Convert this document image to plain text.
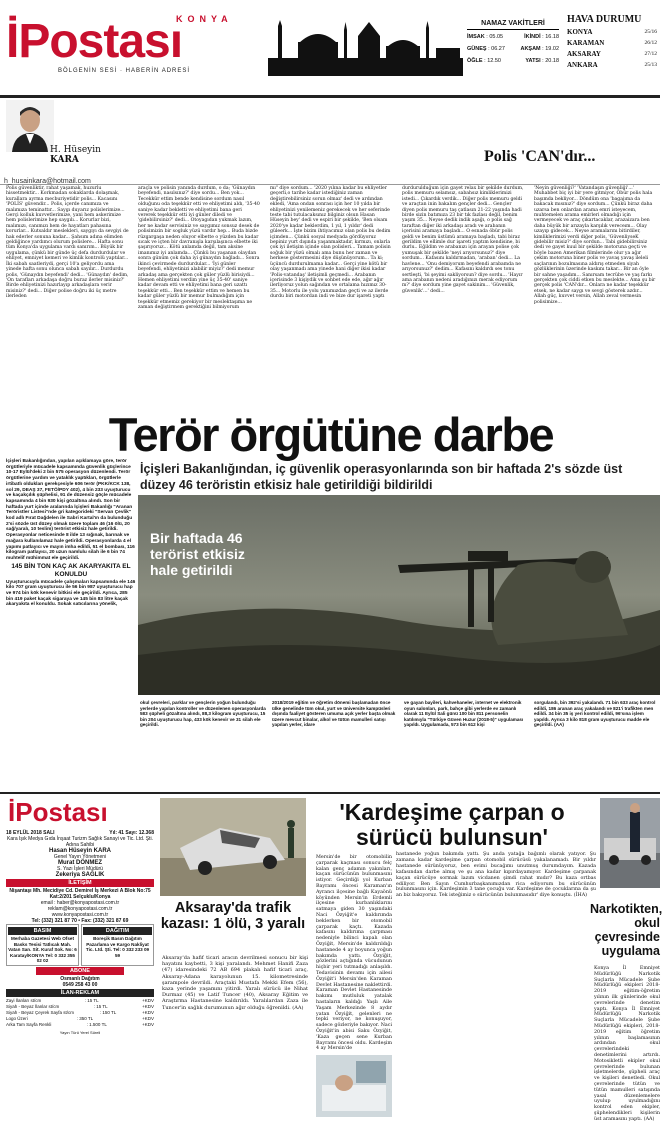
KONYA
İPostası
BÖLGENİN SESİ · HABERİN ADRESİ
NAMAZ VAKİTLERİ
İMSAK : 05.05	İKİNDİ : 16.18
GÜNEŞ : 06.27	AKŞAM : 19.02
ÖĞLE : 12.50	YATSI : 20.18
HAVA DURUMU
KONYA	25/16
KARAMAN	26/12
AKSARAY	27/12
ANKARA	25/13
H. Hüseyin
KARA
h_husainkara@hotmail.com
Polis 'CAN'dır...
Polis güvenliktir, rahat yaşamak, huzurlu hissetmektir... Korkmadan sokaklarda dolaşmak, kurallara ayrma mecburiyetidir polis... Kacasını 'POLİS' güvendir... Polis, içerde canımıza ve malımıza teminattır... Saygı duyarız polislerimize... Gerçi kolluk kuvvetlerimize, yani hem askerimize hem polislerimize hep saygılı... Korurlar bizi, malımızı, canımızı hem de hayatları pahasına korurlar... Kutsaldır meslekleri, saygıyı da sevgiyi de hak ederler sonuna kadar... Şahsım adına elimden geldiğince yardımcı olurum polislere... Hafta sonu tüm Konya'da uygulama vardı sanırım... Büyük bir uygulama, çünkü bir günde üç defa durdurdular ve ehliyet, emniyet kemeri ve kimlik kontrolü yaptılar... İki sabah saatleriydi, gerçi 10'a geliyordu ama yinede hafta sonu olunca sabah sayılır... Durdurdu polis, 'Günaydın beyefendi' dedi... 'Günaydın' dedim, 'On tarafları arkadaşa doğru buraz ilerler misiniz?' Birde ehliyetinizi hazırlayıp arkadaşlara verir misiniz?' dedi... Diğer polise doğru iki üç metre ilerleden
araçla ve polisin yanında durdum, o da; 'Günaydın beyefendi, nasılsınız?' diye sordu... Ben yok... Tecekkür ettim bende kendisine sordum nasıl olduğunu oda teşekkür etti ve ehliyetimi aldı, '35-40 saniye kadar bekletti ve ehliyetimi bana geri vererek teşekkür etti iyi günler diledi ve 'gidebilirsiniz?' dedi... Otoyagıdan yukmak lazım, her ne kadar servisiniz ve saygımız sonsuz desek de polisimizin bir sogluk yüzü vardır hep... Buda bizde rüzgargaşa neden oluyor elbette o yüzden bu kadar sıcak ve içten bir davranışla karşılaşınca elbette iki şaşırıyoruz... Kötü anlamda değil, tam aksine imanımız iyi anlamda... Çünkü bu yaşanan olaydan sonra günüm çok daha iyi günaydın bağladı... Sonra ikinci çevirmede durdurdular... 'İyi günler beyefendi, ehliyetinizi alabilir miyiz?' dedi memur arkadaş ama gerçekten çok güler yüzlü birisiydi... Hemen ehliyetimi verdim yine üç 35-40' saniye kadar devam etti ve ehliyetimi bana geri uzattı teşekkür etti... Ben teşekkür ettim ve hemen bu kadar güler yüzlü bir memur bulmadığım için teşekkür etmemiz gerekiyor bir meslektaşıma ne zaman değiştirmem gerektiğini bilmiyorum
mı" diye sordum... '2020 yılına kadar bu ehliyetler geçerli,o tarihe kadar istediğiniz zaman değiştirebilirsiniz sorun olmaz' dedi ve ardından ekledi, 'Ama ondan sonrası için her 10 yılda bir ehliyetinizi yenilemeniz gerekecek ve her seferinde teste tabi tutulacaksınız bilginiz olsun Hasan Hüseyin bey' dedi ve espiri bir şekilde, 'Ben olsam 2020'ye kadar beklerdim, 1 yıl, 1 yıldır' dedi güleerk... İşte bizim ihtiyacımız olan polis bu dedim içimden... Çünkü sosyal medyada gördüyoruz bepiniz yurt dışında yaşanmaktadır, kırmızı, onlarla çok iyi iletişim içinde olan polisleri... Tamam polisin soğuk bir yüzü olmalı ama bunu her zaman ve herkese göstermesini diye düşünüyorum... Ta ki; üçüncü durdurulmama kadar... Gerçi yine kötü bir olay yaşanmadı ama yinede hani diğer ikisi kadar 'Polis-vatandaş' iletişimli geçmedi... Arabanın içerisinde 3 kişiydik ve sohbet ede ede, ağır ağır ilerliyoruz yolun sağından ve ortalama hızımız 30-35... Motorlu ile yolu yanımızdan geçti ve az ilerde durdu biri motordan indi ve bize dur işareti yaptı
durdurulduğum için gayet relax bir şekilde durdum, polis memuru selamsız, sabahsız kimliklerimizi istedi... Çıkardık verdik... Diğer polis memuru geldi ve araçtan inin bakalım gençler dedi... Gençler diyen polis memuru taş çatlasın 21-22 yaşında hadi birde sizin batımıza 23 bir tık fazlası değil, benim yaşım 35... Neyse dedik indik aşağı, o polis sağ taraftan diğer iki arkadaşı aradı ve arabanın içerisini aramaya başladı... O esnada öbür polis geldi ve benim üstümü aramaya başladı, tabi biraz gerildim ve ellimle dur işareti yaptım kendisine, bi durlu.. Eğildim ve arabanızı için arayan polise çok yumuşak bir şekilde 'neyi arıyorsunuz?' diye sordum... Kafasını kaldırmadan, 'araban' dedi... La havlene... 'Onu demiyorum beyefendi arabamda ne arıyorsunuz?' dedim... Kafasını kaldırdı ses tonu sertleşti, 'bi şeyimi sakliyorsun? diye sordu... 'Hayır ama arabanın nedeni aradığınızı merak ediyorum m?' diye sordum yine gayet sakinim... 'Güvenlik, güvenlik'...' dedi...
'Neyin güvenliği?' 'Vatandaşın güvenliği'...' Muhabbet biç iyi bir yere gitmiyor, Öbür polis hala başımda bekliyor... Döndüm ona 'bagajıma da bakacak mısınız?' diye sordum... Çünkü biraz daha uzarsa ben onlardan arama emri isteyecem, muhtemelen arama emirleri olmadığı için vermeyecek ve araç çıkartacaklar, arazaizara ben daha büyük bir arızayla karşılık vereceım... Olay uzayıp gidecek... Neyse aramalarını bitirdiler, kimliklerimizi verdi diğer polis, 'GüvenliyseK gidebilir misiz?' diye sordun... Tabi gidebilirsiniz dedi ve gayet kuul bir şekilde motoruna geçti ve böyle bazen Amerikan filmlerinde olur ya ağır çekim motoruna biner polis ve yavaş yavaş ileleli saçlarının bozulmasına aldırış etmeden siyah gözlüklerinin üzerinde kaskını takar... Bir an öyle bir sahne yaşadım... Sanırsam tecrübe ve yaş farkı gerçekten çok ciddi etken bu meslekte... Ama şu bir gerçek polis 'CAN'dır... Onlara ne kadar teşekkür etsek, ne kadar saygı ve sevgi gösterek azdır... Allah güç, kuvvet versin, Allah zeval vermesin polisimize...
Terör örgütüne darbe
İçişleri Bakanlığından, iç güvenlik operasyonlarında son bir haftada 2's sözde üst düzey 46 teröristin etkisiz hale getirildiği bildirildi
İçişleri Bakanlığından, yapılan açıklamaya göre, terör örgütleriyle mücadele kapsamında güvenlik güçlerince 10-17 Eylül'deki 2 bin 575 operasyon düzenlendi. Terör örgütlerine yardım ve yataklık yaptıkları, örgütlerle irtibatlı oldukları gerekçesiyle 606 terör (PKK/KCK 138, sol 29, DEAŞ 37, FETÖ/PDY 402), 4 bin 233 uyuşturucu ve kaçakçılık şüphelisi, 91 de düzensiz göçle mücadele kapsamında 4 bin 930 kişi gözaltına alındı. Son bir haftada yurt içinde aralarında İçişleri Bakanlığı "Aranan Teröristler Listesi"nde gri kategorideki "Servan Çevlik" kod adlı Fırat Dağdelen ile Sabri Kartal'ın da bulunduğu 2'si sözde üst düzey olmak üzere toplam 46 (16 ölü, 20 sağ/yaralı, 10 teslim) terörist etkisiz hale getirildi. Operasyonlar neticesinde 8 ilde 13 sığınak, barınak ve mağara kullanılamaz hale getirildi. Operasyonlarda 4 el yapımı patlayıcı ve mayın imha edildi, 51 el bombası, 116 kilogram patlayıcı, 20 uzun namlulu silah ile 6 bin 74 muhtelif mühimmat ele geçirildi.
145 BİN TON KAÇ AK AKARYAKITA EL KONULDU
Uyuşturucuyla mücadele çalışmaları kapsamında ele 146 kilo 707 gram uyuşturucu ile 56 bin 987 uyuşturucu hap ve 974 bin kök kenevir bitkisi ele geçirildi. Ayrıca, 285 bin 419 paket kaçak sigaraya ve 145 bin 83 litre kaçak akaryakıta el konuldu. Sokak satıcılarına yönelik,
Bir haftada 46 terörist etkisiz hale getirildi
okul çevreleri, parklar ve gençlerin yoğun bulunduğu yerlerde yapılan kontroller ve düzenlenen operasyonlarda 583 şüpheli gözaltına alındı, 88,3 kilogram uyuşturucu, 15 bin 204 uyuşturucu hap, 433 kök kenevir ve 31 silah ele geçirildi.
2018/2019 eğitim ve öğretim dönemi başlamadan önce ülke genelinde tüm okul, yurt ve üniversite kampüsleri dışında faaliyet gösteren umuma açık yerler başta olmak üzere mevcut binalar, alkol ve tütün mamulleri satışı yapılan yerler, idare
ve gayan bayileri, kahvehaneler, internet ve elektronik oyun salonları, park, bahçe gibi yerlerde ev zamanlı olarak 11 Eylül Sali günü 100 bin 811 personelin katılımıyla "Türkiye Güven Huzur (2018-5)" uygulaması yapıldı. Uygulamada, 573 bin 612 kişi
sorgulandı, bin 392'si yakalandı. 71 bin 633 araç kontrol edildi, 186 aranan araç yakalandı ve 821'i trafikten men edildi. 34 bin 35 iş yeri kontrol edildi, 96'sına işlem yapıldı. Ayrıca 3 kilo 818 gram uyuşturucu madde ele geçirildi. (AA)
İPostası
18 EYLÜL 2018 SALI	Yıl: 41 Sayı: 12.368
Kara Işık Medya Gıda İnşaat Turizm Sağlık Sanayi ve Tic. Ltd. Şti. Adına Sahibi
Hasan Hüseyin KARA
Genel Yayın Yönetmeni
Murat DÖNMEZ
S. Yazı İşleri Müdürü
Zekeriya SAĞLIK
İLETİŞİM
Nişantaşı Mh. Mecidiye Cd. Demirel İş Merkezi A Blok No:75 Kat:2/201 Selçuklu/Konya
email : haber@konyapostasi.com.tr
reklam@konyapostasi.com.tr
www.konyapostasi.com.tr
Tel: (332) 321 87 70 • Fax: (332) 321 87 69
BASIM
Merhaba Gazetesi Web Ofset Basks Tesisi Tatlıcak Mah. Vatan San. Sit. Kuraf Sok. No: 6 Karatay/KONYA Tel: 0 332 355 02 02
DAĞITIM
Boreçik Basın Dağıtım Pazarlama ve Kargo Nakliyat Tic. Ltd. Şti. Tel: 0 332 233 09 59
ABONE
Osmanlı Dağıtım
0549 258 43 00
İLAN-REKLAM
Zayi İlanları st/cm	: 15 TL	+KDV
Siyah - Beyaz İlanlar st/cm	: 15 TL	+KDV
Siyah - Beyaz Çeyrek Sayfa st/cm	: 150 TL	+KDV
Logo Üzeri	: 350 TL	+KDV
Arka Tam Sayfa Renkli	: 1.500 TL	+KDV
Yayın Türü Yerel Süreli
Aksaray'da trafik kazası: 1 ölü, 3 yaralı
Aksaray'da hafif ticari aracın devrilmesi sonucu bir kişi hayatını kaybetti, 3 kişi yaralandı. Mehmet Hanifi Zaza (47) idaresindeki 72 AB 694 plakalı hafif ticari araç, Aksaray-Adana karayolunun 15. kilometresinde şarampole devrildi. Araçtaki Mustafa Mekki Efem (56), kaza yerinde yaşamını yitirdi. Yaralı sürücü ile Nihat Durmaz (45) ve Latif Tuncer (40), Aksaray Eğitim ve Araştırma Hastanesine kaldırıldı. Yaralılardan Zaza ile Tuncer'in sağlık durumunun ağır olduğu öğrenildi. (AA)
'Kardeşime çarpan o sürücü bulunsun'
Mersin'de bir otomobilin çarparak kaçması sonucu felç kalan genç adamın yakınları, kaçan sürücünün bulunmasını istiyor. Geçirdiği yol Kurban Bayramı öncesi Karaman'ın Ayrancı ilçesine bağlı Kayaönü köyünden Mersin'in Erdemli ilçesine kurbanlıklarını satmaya giden 30 yaşındaki Naci Özyiğit'e kaldırımda beklerken bir otomobil çarparak kaçtı. Kazada kafasını kaldırıma çarpması nedeniyle bilinci kapalı olan Özyiğit, Mersin'de kaldırıldığı hastanede 4 ay boyunca yoğun bakımda yattı. Özyiğit, gözlerini açtığında vücudunun hiçbir yeri tutmadığı anlaşıldı. Tedavisinin devamı için ailesi Özyiğit'i Mersin'den Karaman Devlet Hastanesine naklettirdi. Karaman Devlet Hastanesinde bakımı mutluluk yatalak hastaların kaldığı Yaşlı Aile Yaşam Merkezinde 8 aydır yatan Özyiğit, gelenleri ne tepki veriyor, ne konuşuyor, sadece gözleriyle bakıyor. Naci Özyiğit'in abisi Saku Özyiğit, 'Kaza geçen sene Kurban Bayramı öncesi oldu. Kardeşim 4 ay Mersin'de
hastanede yoğun bakımda yattı. Şu anda yatağa bağımlı olarak yatıyor. Şu zamana kadar kardeşime çarpan otomobil sürücüsü yakalanamadı. Bir yıldır hastanede sürünüyoruz, ben evimi bucağımı unutmuş durumdayım. Kazada kafasından darbe almış ve şu ana kadar kıpırdayamıyor. Kardeşime çarpanak kaçan sürücüye sormak lazım vicdanen şimdi rahat mıdır? Bu kaza ortbas ediliyor. Ben Sayın Cumhurbaşkanımızdan rica ediyorum bu sürücünün bulunmasını için. Kardeşimin 3 tane çocuğu var. Kardeşime de çocuklarına da şu an biz bakıyoruz. Tek isteğimiz o sürücünün bulunmasıdır' diye konuştu. (İHA)
Narkotikten, okul çevresinde uygulama
Konya İl Emniyet Müdürlüğü Narkotik Suçlarla Mücadele Şube Müdürlüğü ekipleri 2018-2019 eğitim-öğretim yılının ilk günlerinde okul çevrelerinde denetim yaptı. Konya İl Emniyet Müdürlüğü Narkotik Suçlarla Mücadele Şube Müdürlüğü ekipleri, 2018-2019 eğitim öğretim yılının başlamasının ardından okul çevrelerindeki denetimlerini artırdı. Motosikletli ekipler okul çevrelerinde bulunan işletmelerde, şüpheli araç ve kişileri denetledi. Okul çevrelerinde tütün ve tütün mamulleri satışında yasal düzenlemelere uyulup uyulmadığını kontrol eden ekipler, şüphelendikleri kişilerin üst aramasını yaptı. (AA)
